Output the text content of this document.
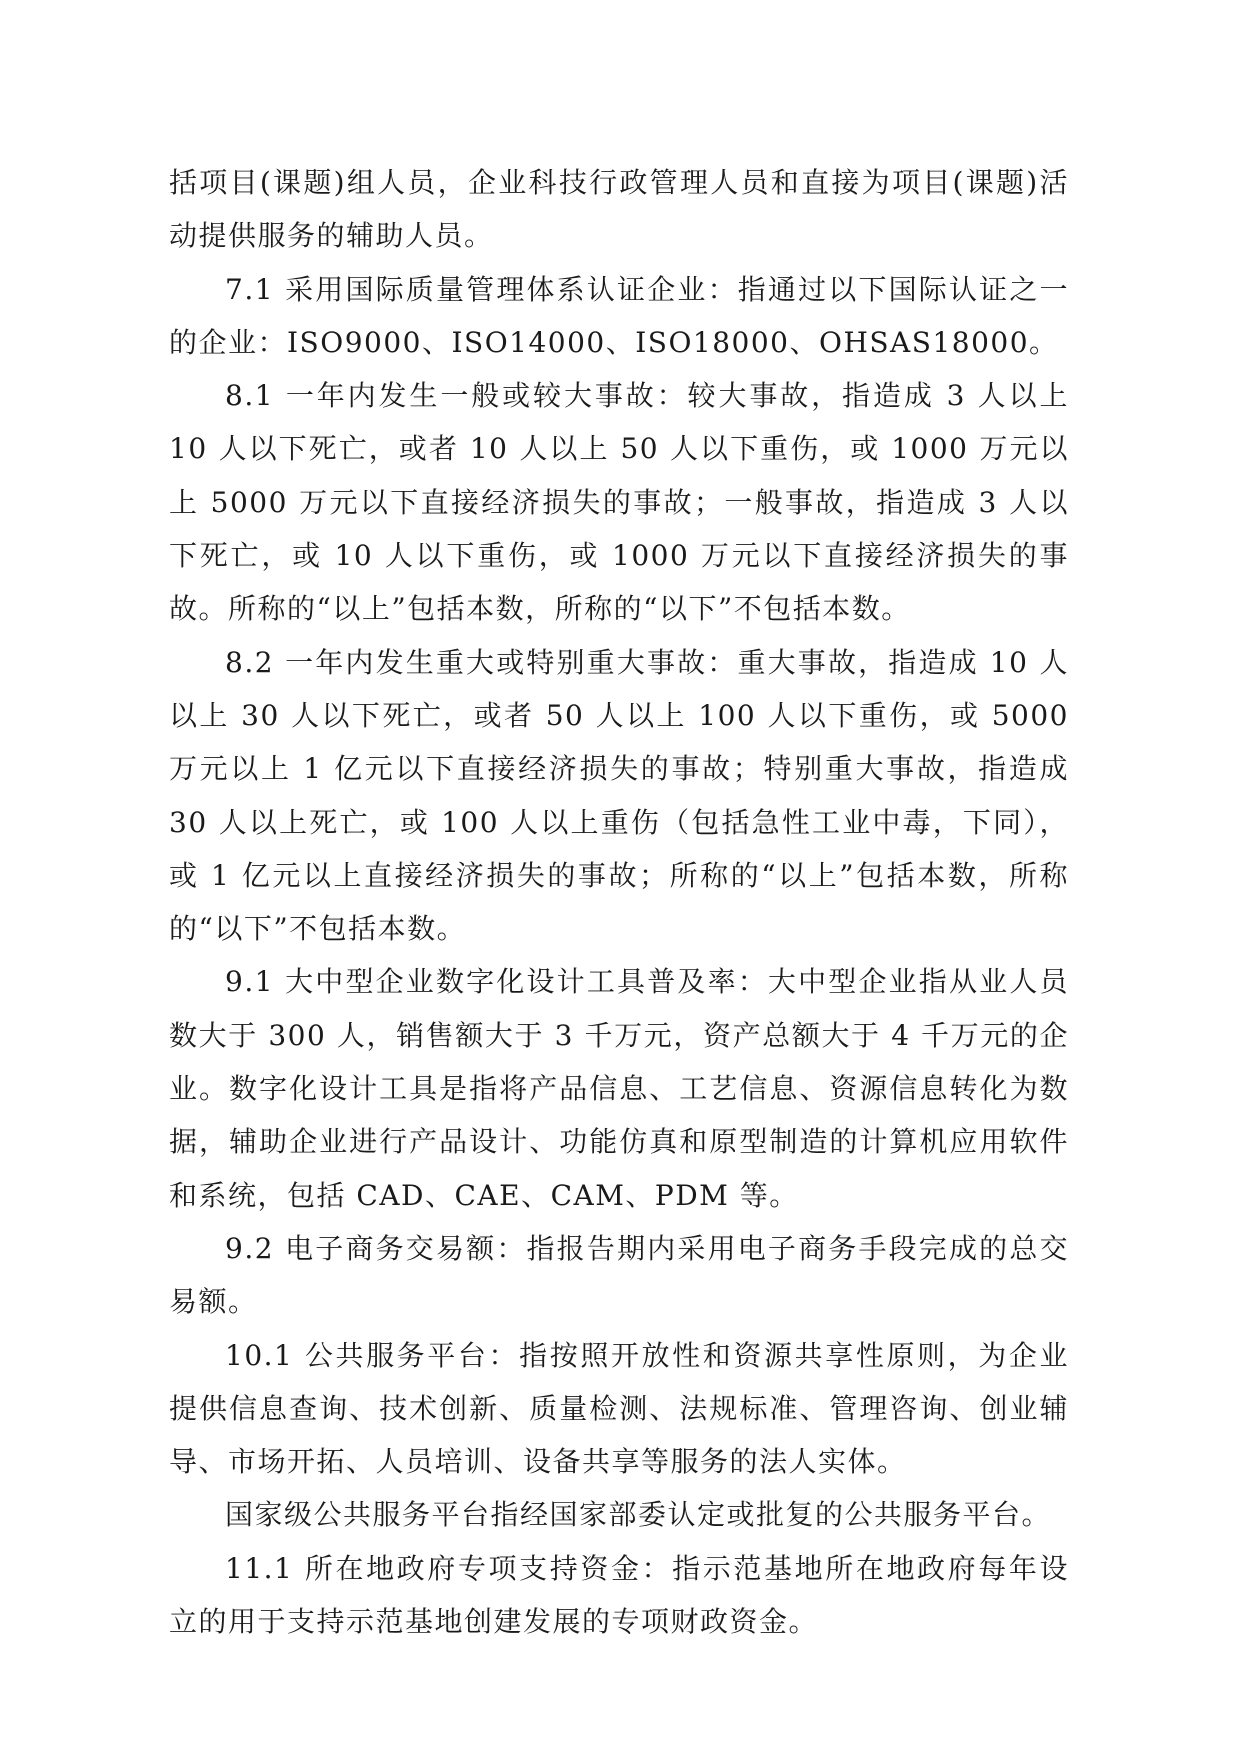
括项目(课题)组人员，企业科技行政管理人员和直接为项目(课题)活动提供服务的辅助人员。

7.1 采用国际质量管理体系认证企业：指通过以下国际认证之一的企业：ISO9000、ISO14000、ISO18000、OHSAS18000。

8.1 一年内发生一般或较大事故：较大事故，指造成 3 人以上 10 人以下死亡，或者 10 人以上 50 人以下重伤，或 1000 万元以上 5000 万元以下直接经济损失的事故；一般事故，指造成 3 人以下死亡，或 10 人以下重伤，或 1000 万元以下直接经济损失的事故。所称的“以上”包括本数，所称的“以下”不包括本数。

8.2 一年内发生重大或特别重大事故：重大事故，指造成 10 人以上 30 人以下死亡，或者 50 人以上 100 人以下重伤，或 5000 万元以上 1 亿元以下直接经济损失的事故；特别重大事故，指造成 30 人以上死亡，或 100 人以上重伤（包括急性工业中毒，下同），或 1 亿元以上直接经济损失的事故；所称的“以上”包括本数，所称的“以下”不包括本数。

9.1 大中型企业数字化设计工具普及率：大中型企业指从业人员数大于 300 人，销售额大于 3 千万元，资产总额大于 4 千万元的企业。数字化设计工具是指将产品信息、工艺信息、资源信息转化为数据，辅助企业进行产品设计、功能仿真和原型制造的计算机应用软件和系统，包括 CAD、CAE、CAM、PDM 等。

9.2 电子商务交易额：指报告期内采用电子商务手段完成的总交易额。

10.1 公共服务平台：指按照开放性和资源共享性原则，为企业提供信息查询、技术创新、质量检测、法规标准、管理咨询、创业辅导、市场开拓、人员培训、设备共享等服务的法人实体。

国家级公共服务平台指经国家部委认定或批复的公共服务平台。

11.1 所在地政府专项支持资金：指示范基地所在地政府每年设立的用于支持示范基地创建发展的专项财政资金。
